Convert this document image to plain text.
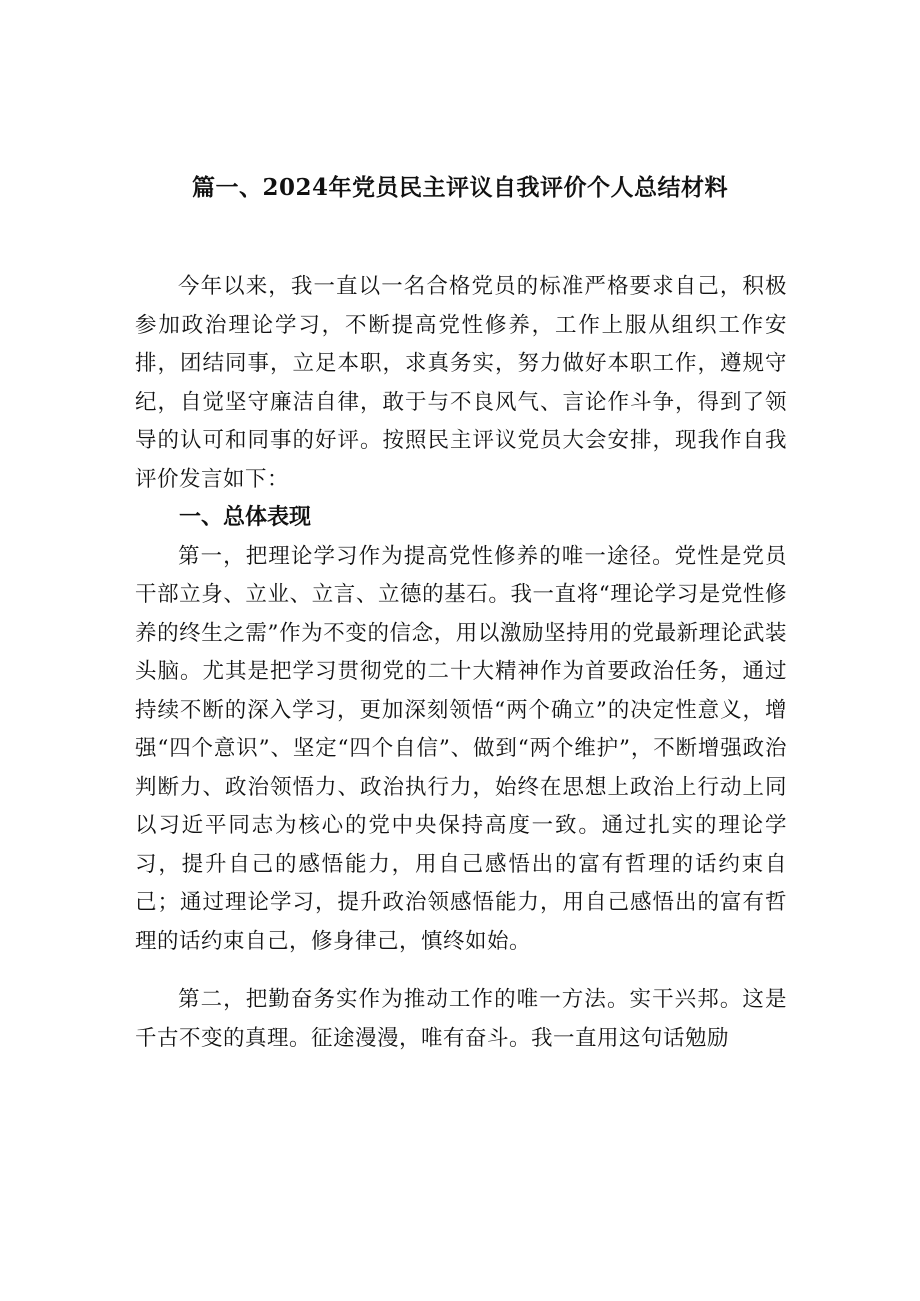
篇一、2024年党员民主评议自我评价个人总结材料

今年以来，我一直以一名合格党员的标准严格要求自己，积极参加政治理论学习，不断提高党性修养，工作上服从组织工作安排，团结同事，立足本职，求真务实，努力做好本职工作，遵规守纪，自觉坚守廉洁自律，敢于与不良风气、言论作斗争，得到了领导的认可和同事的好评。按照民主评议党员大会安排，现我作自我评价发言如下：

一、总体表现

第一，把理论学习作为提高党性修养的唯一途径。党性是党员干部立身、立业、立言、立德的基石。我一直将“理论学习是党性修养的终生之需”作为不变的信念，用以激励坚持用的党最新理论武装头脑。尤其是把学习贯彻党的二十大精神作为首要政治任务，通过持续不断的深入学习，更加深刻领悟“两个确立”的决定性意义，增强“四个意识”、坚定“四个自信”、做到“两个维护”，不断增强政治判断力、政治领悟力、政治执行力，始终在思想上政治上行动上同以习近平同志为核心的党中央保持高度一致。通过扎实的理论学习，提升自己的感悟能力，用自己感悟出的富有哲理的话约束自己；通过理论学习，提升政治领感悟能力，用自己感悟出的富有哲理的话约束自己，修身律己，慎终如始。

第二，把勤奋务实作为推动工作的唯一方法。实干兴邦。这是千古不变的真理。征途漫漫，唯有奋斗。我一直用这句话勉励
